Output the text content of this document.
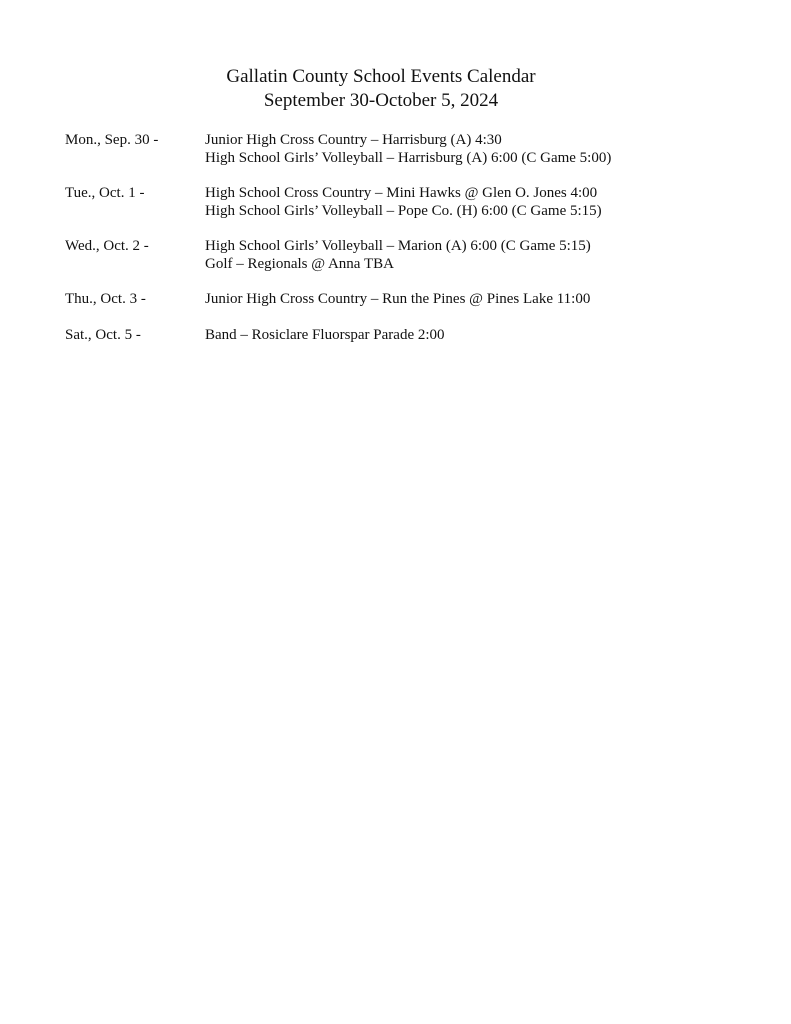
Gallatin County School Events Calendar

September 30-October 5, 2024

Mon., Sep. 30 -	Junior High Cross Country – Harrisburg (A) 4:30
High School Girls’ Volleyball – Harrisburg (A) 6:00 (C Game 5:00)
Tue., Oct. 1 -	High School Cross Country – Mini Hawks @ Glen O. Jones 4:00
High School Girls’ Volleyball – Pope Co. (H) 6:00 (C Game 5:15)
Wed., Oct. 2 -	High School Girls’ Volleyball – Marion (A) 6:00 (C Game 5:15)
Golf – Regionals @ Anna TBA
Thu., Oct. 3 -	Junior High Cross Country – Run the Pines @ Pines Lake 11:00
Sat., Oct. 5 -	Band – Rosiclare Fluorspar Parade 2:00
